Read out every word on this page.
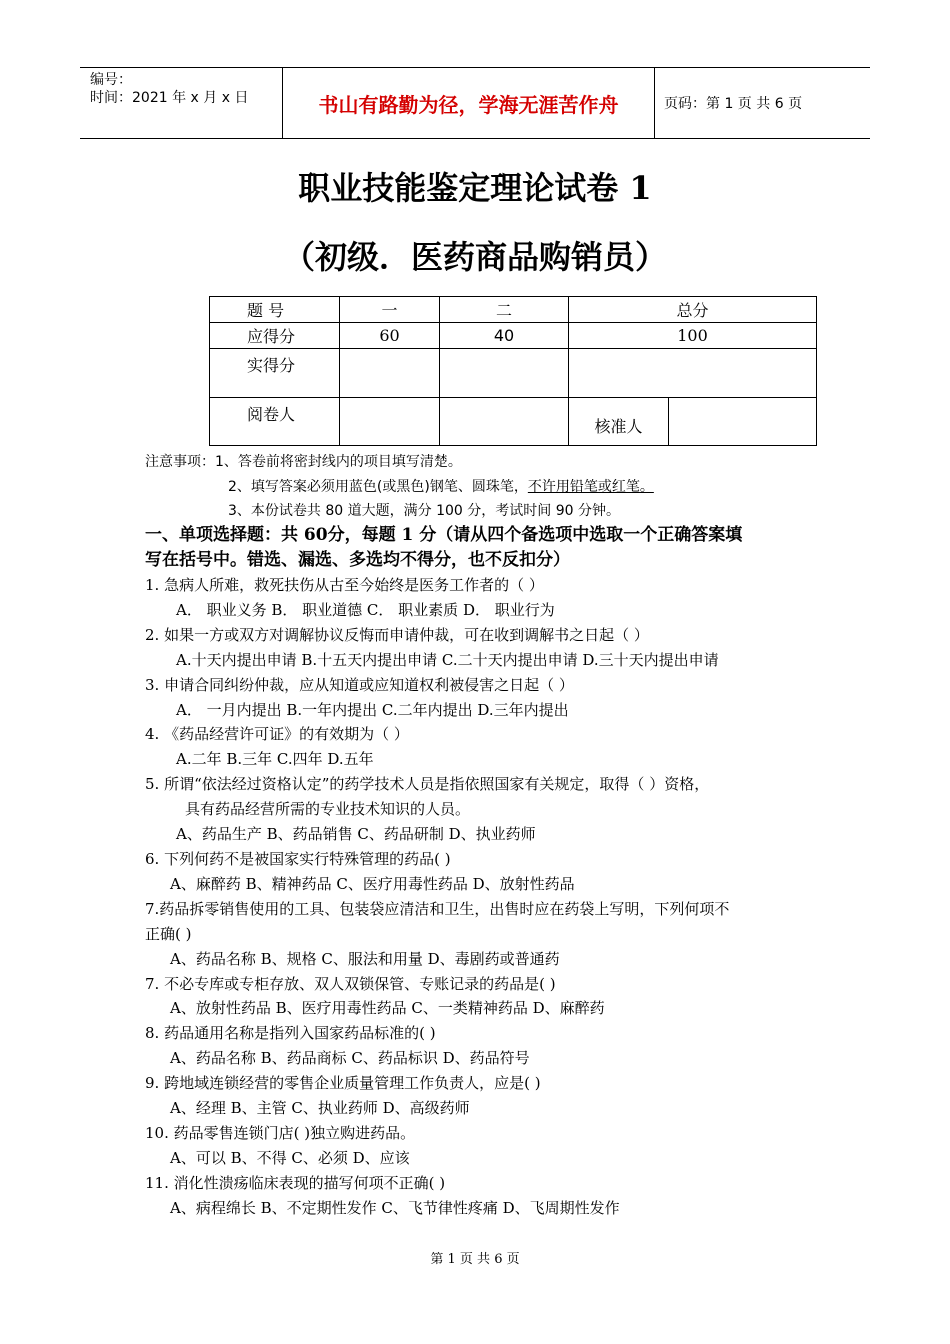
编号：
时间：2021 年 x 月 x 日	书山有路勤为径，学海无涯苦作舟	页码：第 1 页 共 6 页
职业技能鉴定理论试卷 1
（初级．医药商品购销员）
题 号	一	二	总分	
应得分	60	40	100	
实得分				
阅卷人			核准人	
注意事项：1、答卷前将密封线内的项目填写清楚。
2、填写答案必须用蓝色(或黑色)钢笔、圆珠笔，不许用铅笔或红笔。
3、本份试卷共 80 道大题，满分 100 分，考试时间 90 分钟。
一、单项选择题：共 60分，每题 1 分（请从四个备选项中选取一个正确答案填
写在括号中。错选、漏选、多选均不得分，也不反扣分）
1. 急病人所难，救死扶伤从古至今始终是医务工作者的（ ）
A． 职业义务 B． 职业道德 C． 职业素质 D． 职业行为
2. 如果一方或双方对调解协议反悔而申请仲裁，可在收到调解书之日起（ ）
A.十天内提出申请 B.十五天内提出申请 C.二十天内提出申请 D.三十天内提出申请
3. 申请合同纠纷仲裁，应从知道或应知道权利被侵害之日起（ ）
A． 一月内提出 B.一年内提出 C.二年内提出 D.三年内提出
4. 《药品经营许可证》的有效期为（ ）
A.二年 B.三年 C.四年 D.五年
5. 所谓“依法经过资格认定”的药学技术人员是指依照国家有关规定，取得（ ）资格，
具有药品经营所需的专业技术知识的人员。
A、药品生产 B、药品销售 C、药品研制 D、执业药师
6. 下列何药不是被国家实行特殊管理的药品( )
A、麻醉药 B、精神药品 C、医疗用毒性药品 D、放射性药品
7.药品拆零销售使用的工具、包装袋应清洁和卫生，出售时应在药袋上写明，下列何项不
正确( )
A、药品名称 B、规格 C、服法和用量 D、毒剧药或普通药
7. 不必专库或专柜存放、双人双锁保管、专账记录的药品是( )
A、放射性药品 B、医疗用毒性药品 C、一类精神药品 D、麻醉药
8. 药品通用名称是指列入国家药品标准的( )
A、药品名称 B、药品商标 C、药品标识 D、药品符号
9. 跨地域连锁经营的零售企业质量管理工作负责人，应是( )
A、经理 B、主管 C、执业药师 D、高级药师
10. 药品零售连锁门店( )独立购进药品。
A、可以 B、不得 C、必须 D、应该
11. 消化性溃疡临床表现的描写何项不正确( )
A、病程绵长 B、不定期性发作 C、飞节律性疼痛 D、飞周期性发作
第 1 页 共 6 页
